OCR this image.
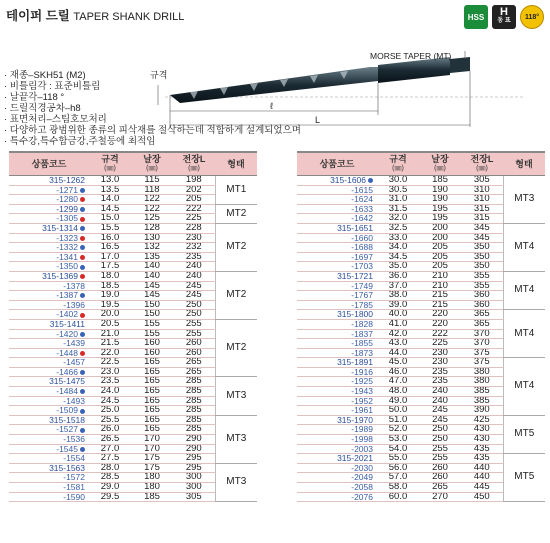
테이퍼 드릴 TAPER SHANK DRILL	HSS	H
동 표
118°
MORSE TAPER (MT)
규격
ℓ
L
· 재종–SKH51 (M2)
· 비틀림각 : 표준비틀림
· 날끝각–118 °
· 드릴직경공차–h8
· 표면처리–스팀호모처리
· 다양하고 광범위한 종류의 피삭재를 절삭하는데 적합하게 설계되었으며
· 특수강,특수합금강,주철등에 최적임
상품코드	규격
(㎜)	날장
(㎜)	전장L
(㎜)	형태
315-1262	13.0	115	198	MT1
-1271	13.5	118	202	
-1280	14.0	122	205	
-1299	14.5	122	222	MT2
-1305	15.0	125	225	
315-1314	15.5	128	228	MT2
-1323	16.0	130	230	
-1332	16.5	132	232	
-1341	17.0	135	235	
-1350	17.5	140	240	
315-1369	18.0	140	240	MT2
-1378	18.5	145	245	
-1387	19.0	145	245	
-1396	19.5	150	250	
-1402	20.0	150	250	
315-1411	20.5	155	255	MT2
-1420	21.0	155	255	
-1439	21.5	160	260	
-1448	22.0	160	260	
-1457	22.5	165	265	
-1466	23.0	165	265	
315-1475	23.5	165	285	MT3
-1484	24.0	165	285	
-1493	24.5	165	285	
-1509	25.0	165	285	
315-1518	25.5	165	285	MT3
-1527	26.0	165	285	
-1536	26.5	170	290	
-1545	27.0	170	290	
-1554	27.5	175	295	
315-1563	28.0	175	295	MT3
-1572	28.5	180	300	
-1581	29.0	180	300	
-1590	29.5	185	305	
상품코드	규격
(㎜)	날장
(㎜)	전장L
(㎜)	형태
315-1606	30.0	185	305	MT3
-1615	30.5	190	310	
-1624	31.0	190	310	
-1633	31.5	195	315	
-1642	32.0	195	315	
315-1651	32.5	200	345	MT4
-1660	33.0	200	345	
-1688	34.0	205	350	
-1697	34.5	205	350	
-1703	35.0	205	350	
315-1721	36.0	210	355	MT4
-1749	37.0	210	355	
-1767	38.0	215	360	
-1785	39.0	215	360	
315-1800	40.0	220	365	MT4
-1828	41.0	220	365	
-1837	42.0	222	370	
-1855	43.0	225	370	
-1873	44.0	230	375	
315-1891	45.0	230	375	MT4
-1916	46.0	235	380	
-1925	47.0	235	380	
-1943	48.0	240	385	
-1952	49.0	240	385	
-1961	50.0	245	390	
315-1970	51.0	245	425	MT5
-1989	52.0	250	430	
-1998	53.0	250	430	
-2003	54.0	255	435	
315-2021	55.0	255	435	MT5
-2030	56.0	260	440	
-2049	57.0	260	440	
-2058	58.0	265	445	
-2076	60.0	270	450	
